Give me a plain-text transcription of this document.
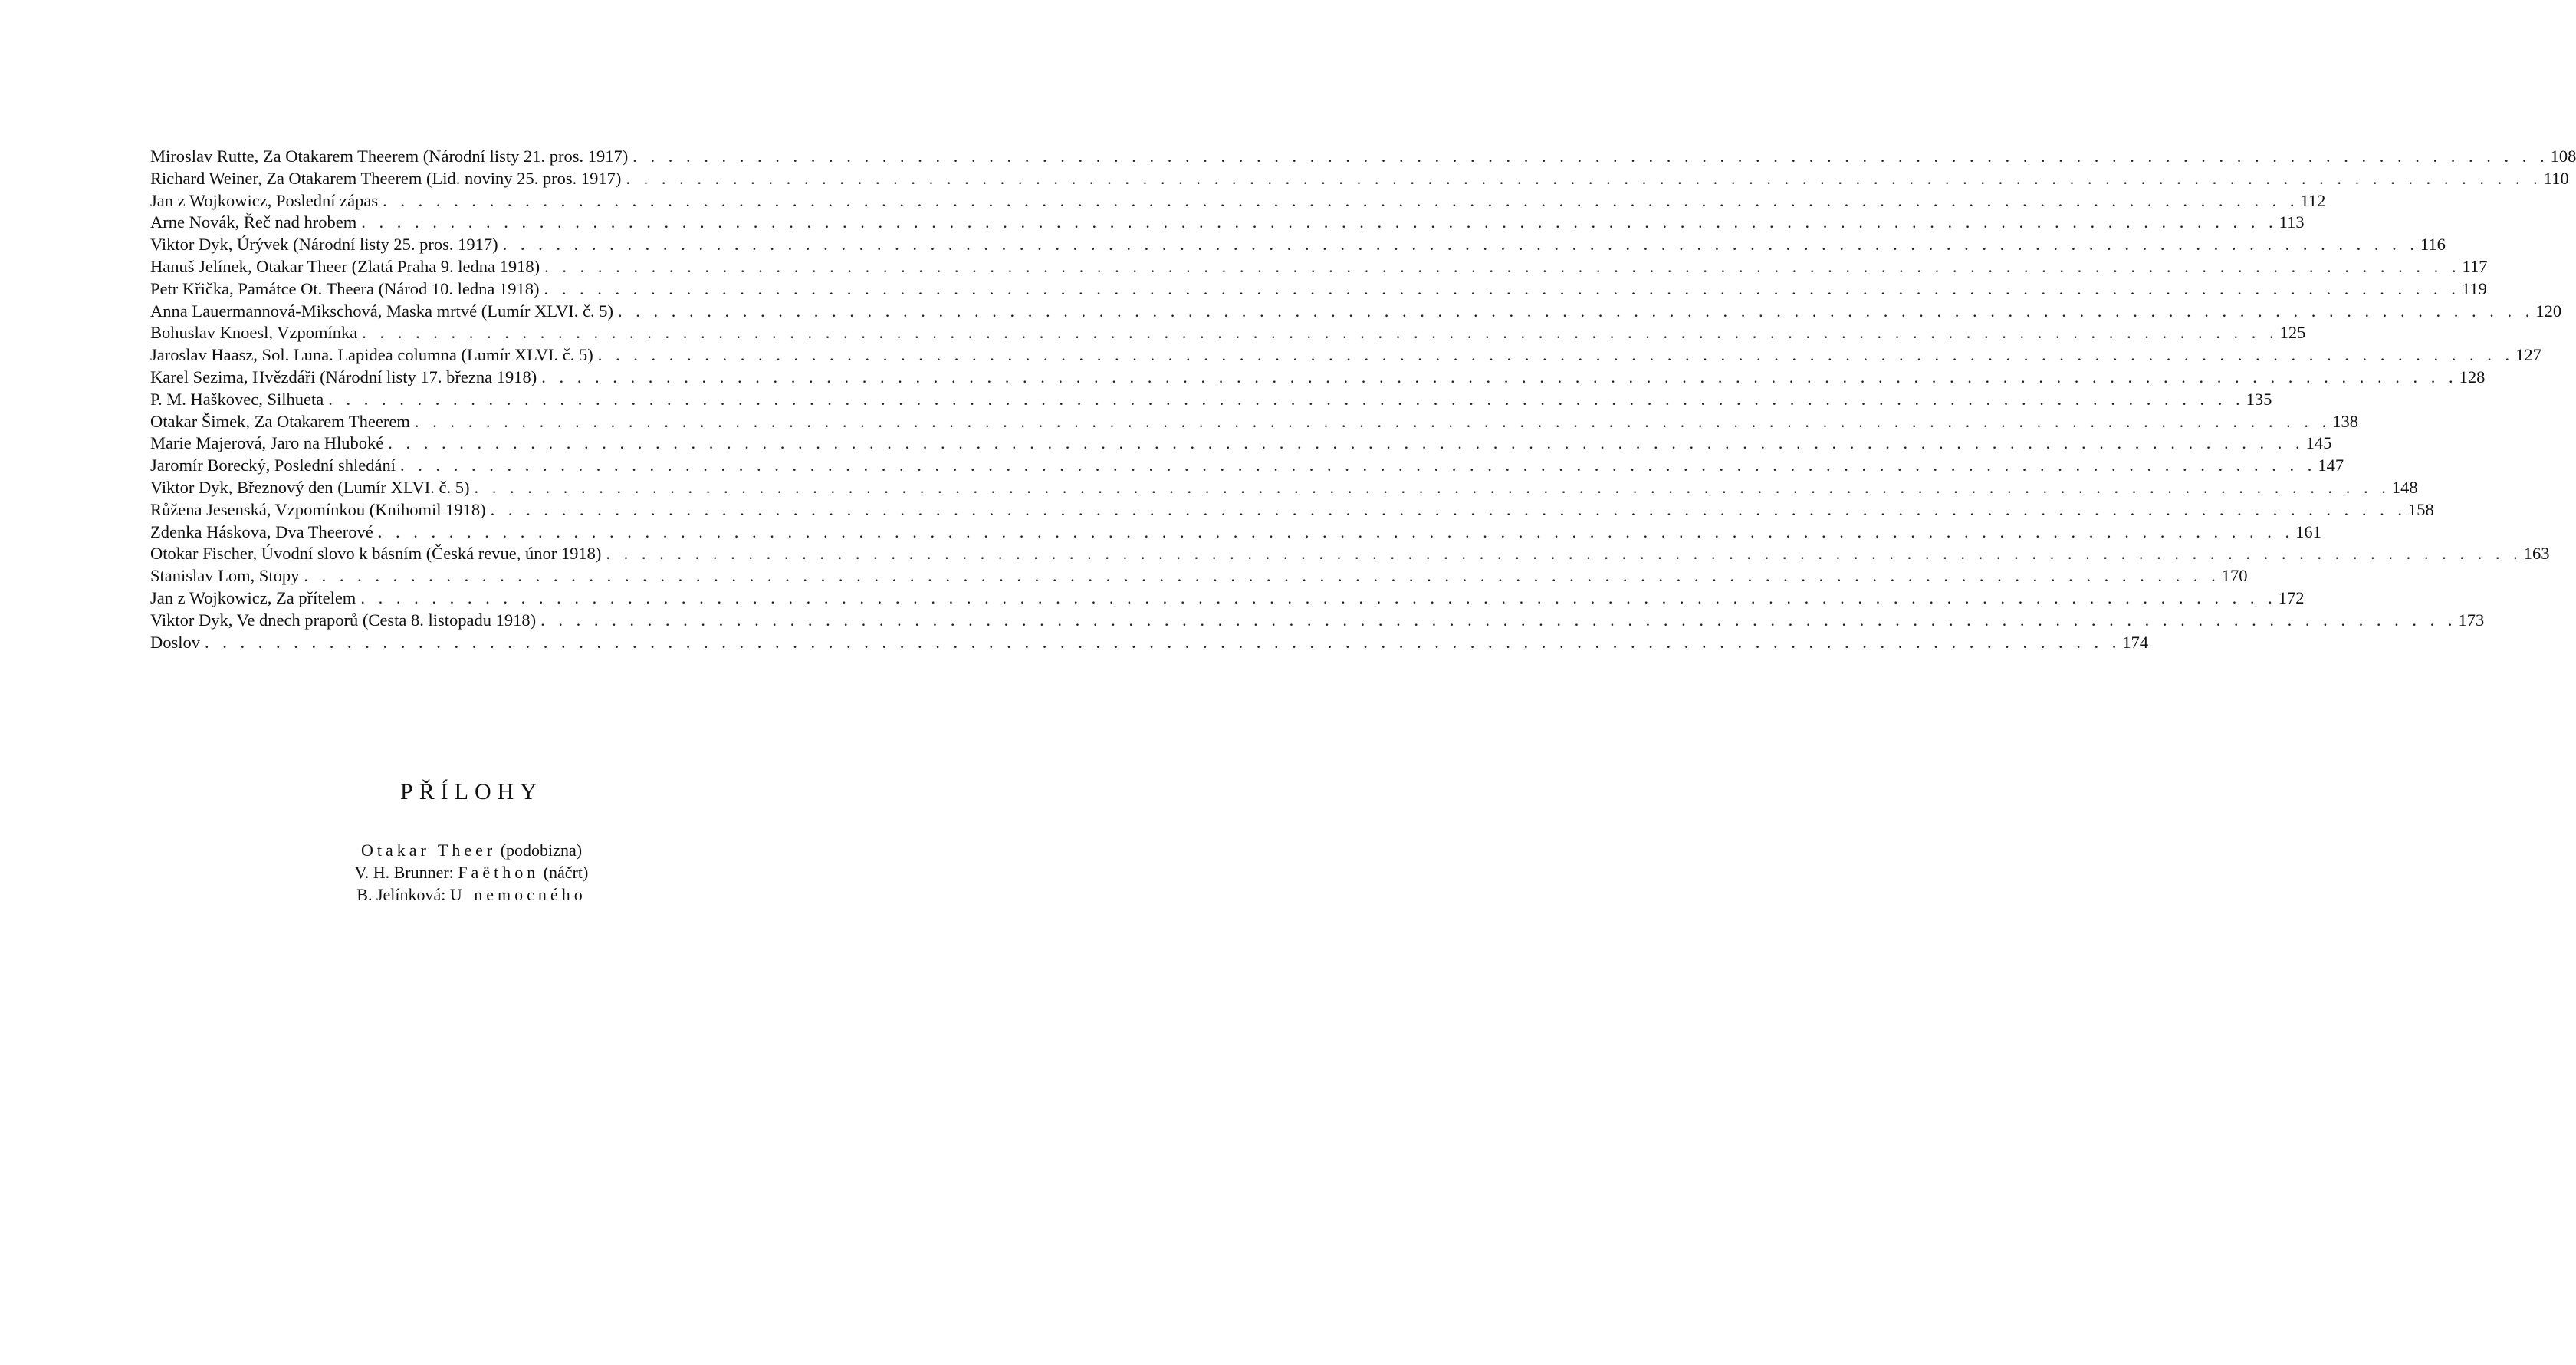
Miroslav Rutte, Za Otakarem Theerem (Národní listy 21. pros. 1917) . . .	108
Richard Weiner, Za Otakarem Theerem (Lid. noviny 25. pros. 1917) . . .	110
Jan z Wojkowicz, Poslední zápas . . .	112
Arne Novák, Řeč nad hrobem . . .	113
Viktor Dyk, Úrývek (Národní listy 25. pros. 1917) . . .	116
Hanuš Jelínek, Otakar Theer (Zlatá Praha 9. ledna 1918) . . .	117
Petr Křička, Památce Ot. Theera (Národ 10. ledna 1918) . . .	119
Anna Lauermannová-Mikschová, Maska mrtvé (Lumír XLVI. č. 5) . . .	120
Bohuslav Knoesl, Vzpomínka . . .	125
Jaroslav Haasz, Sol. Luna. Lapidea columna (Lumír XLVI. č. 5) . . .	127
Karel Sezima, Hvězdáři (Národní listy 17. března 1918) . . .	128
P. M. Haškovec, Silhueta . . .	135
Otakar Šimek, Za Otakarem Theerem . . .	138
Marie Majerová, Jaro na Hluboké . . .	145
Jaromír Borecký, Poslední shledání . . .	147
Viktor Dyk, Březnový den (Lumír XLVI. č. 5) . . .	148
Růžena Jesenská, Vzpomínkou (Knihomil 1918) . . .	158
Zdenka Háskova, Dva Theerové . . .	161
Otokar Fischer, Úvodní slovo k básním (Česká revue, únor 1918) . . .	163
Stanislav Lom, Stopy . . .	170
Jan z Wojkowicz, Za přítelem . . .	172
Viktor Dyk, Ve dnech praporů (Cesta 8. listopadu 1918) . . .	173
Doslov . . .	174
PŘÍLOHY
Otakar Theer (podobizna)
V. H. Brunner: Faëthon (náčrt)
B. Jelínková: U nemocného
